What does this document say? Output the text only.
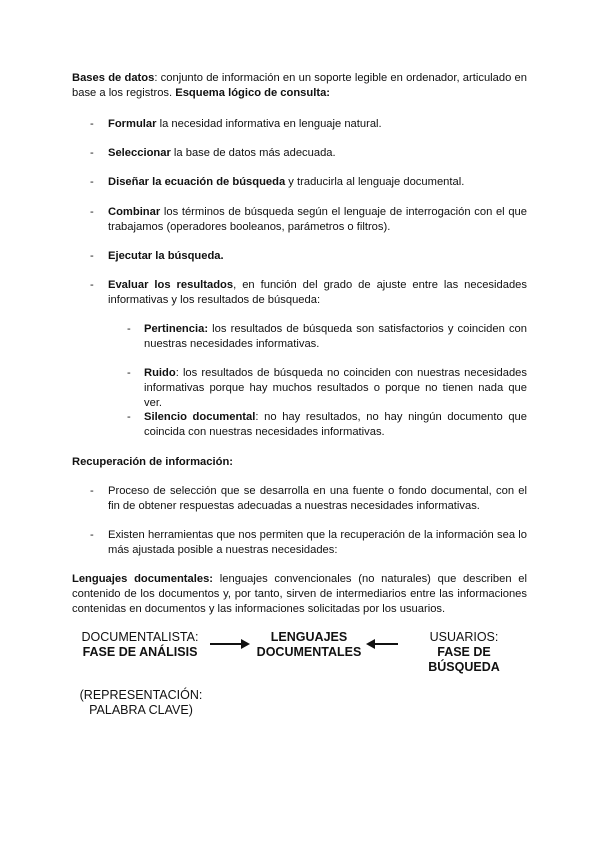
Bases de datos: conjunto de información en un soporte legible en ordenador, articulado en base a los registros. Esquema lógico de consulta:

- Formular la necesidad informativa en lenguaje natural.
- Seleccionar la base de datos más adecuada.
- Diseñar la ecuación de búsqueda y traducirla al lenguaje documental.
- Combinar los términos de búsqueda según el lenguaje de interrogación con el que trabajamos (operadores booleanos, parámetros o filtros).
- Ejecutar la búsqueda.
- Evaluar los resultados, en función del grado de ajuste entre las necesidades informativas y los resultados de búsqueda:
- Pertinencia: los resultados de búsqueda son satisfactorios y coinciden con nuestras necesidades informativas.
- Ruido: los resultados de búsqueda no coinciden con nuestras necesidades informativas porque hay muchos resultados o porque no tienen nada que ver.
- Silencio documental: no hay resultados, no hay ningún documento que coincida con nuestras necesidades informativas.

Recuperación de información:

- Proceso de selección que se desarrolla en una fuente o fondo documental, con el fin de obtener respuestas adecuadas a nuestras necesidades informativas.
- Existen herramientas que nos permiten que la recuperación de la información sea lo más ajustada posible a nuestras necesidades:

Lenguajes documentales: lenguajes convencionales (no naturales) que describen el contenido de los documentos y, por tanto, sirven de intermediarios entre las informaciones contenidas en documentos y las informaciones solicitadas por los usuarios.

DOCUMENTALISTA:
FASE DE ANÁLISIS
LENGUAJES
DOCUMENTALES
USUARIOS:
FASE DE BÚSQUEDA
(REPRESENTACIÓN:
PALABRA CLAVE)
